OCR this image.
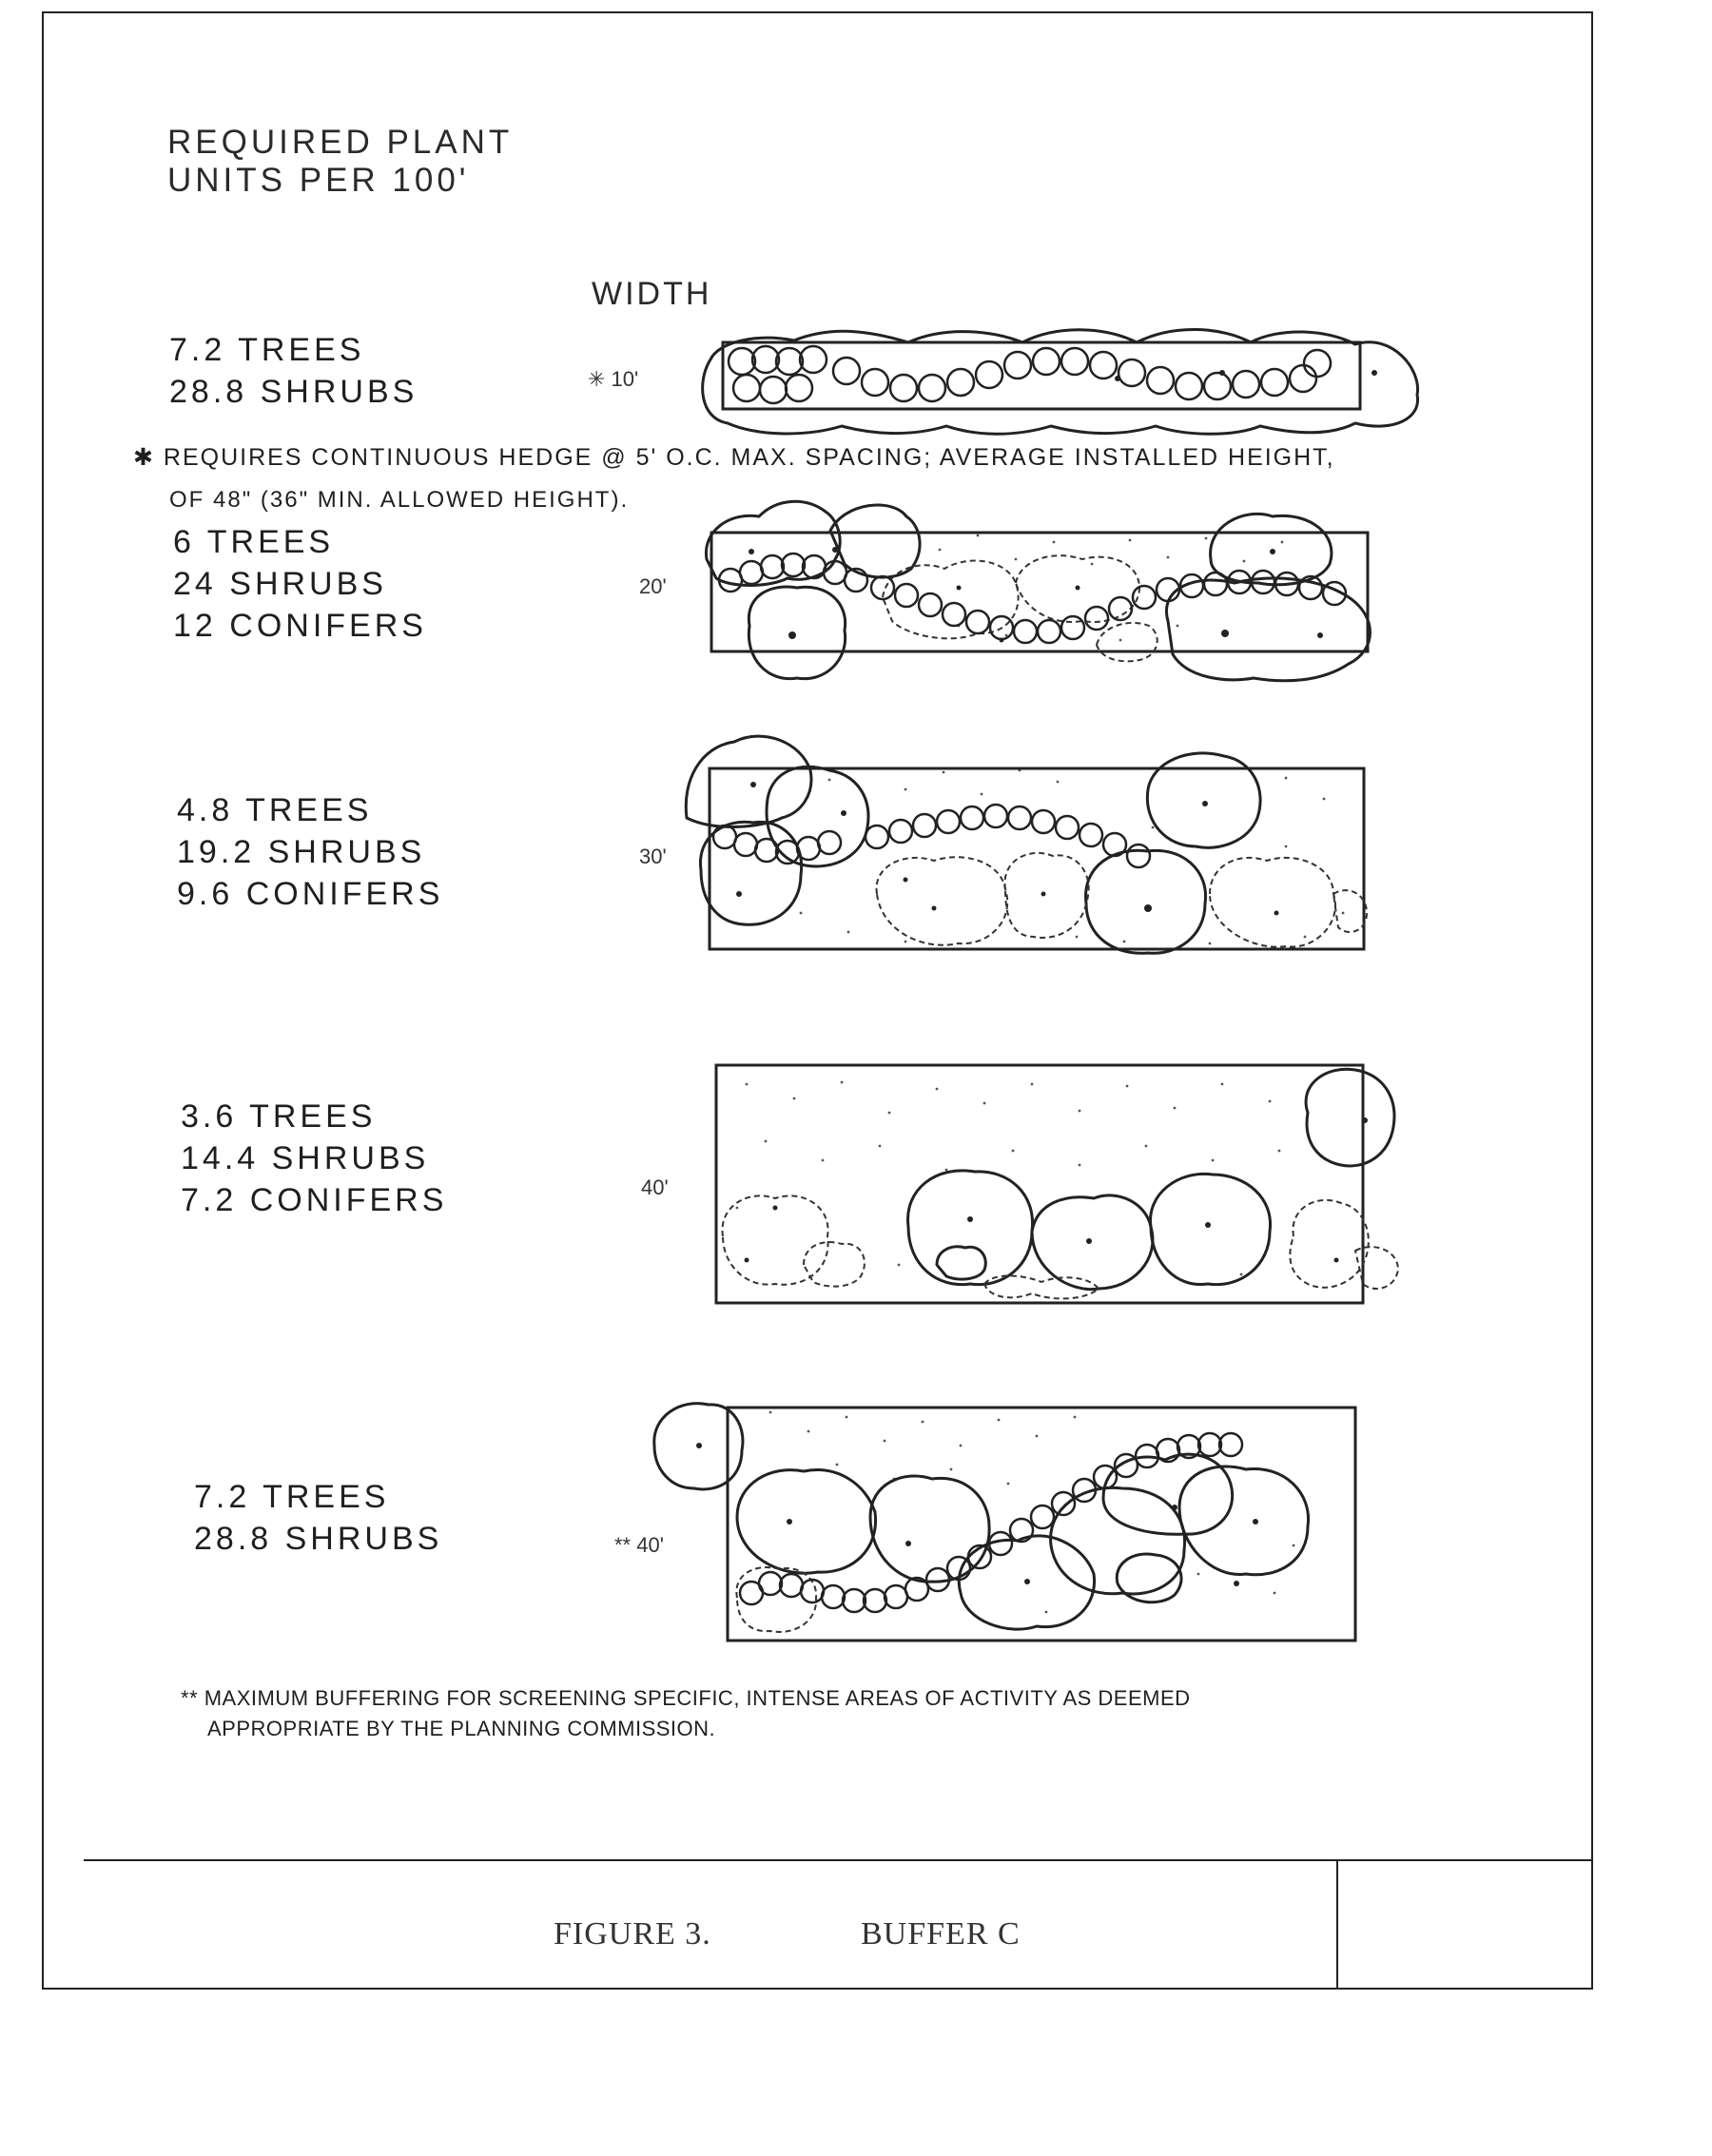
REQUIRED PLANT
UNITS PER 100'
WIDTH
7.2 TREES
28.8 SHRUBS	✳ 10'
✱ REQUIRES CONTINUOUS HEDGE @ 5' O.C. MAX. SPACING; AVERAGE INSTALLED HEIGHT,
OF 48" (36" MIN. ALLOWED HEIGHT).
6 TREES
24 SHRUBS
12 CONIFERS
20'
4.8 TREES
19.2 SHRUBS
9.6 CONIFERS
30'
3.6 TREES
14.4 SHRUBS
7.2 CONIFERS	40'
7.2 TREES
28.8 SHRUBS	** 40'
** MAXIMUM BUFFERING FOR SCREENING SPECIFIC, INTENSE AREAS OF ACTIVITY AS DEEMED
APPROPRIATE BY THE PLANNING COMMISSION.
FIGURE 3.	BUFFER C
